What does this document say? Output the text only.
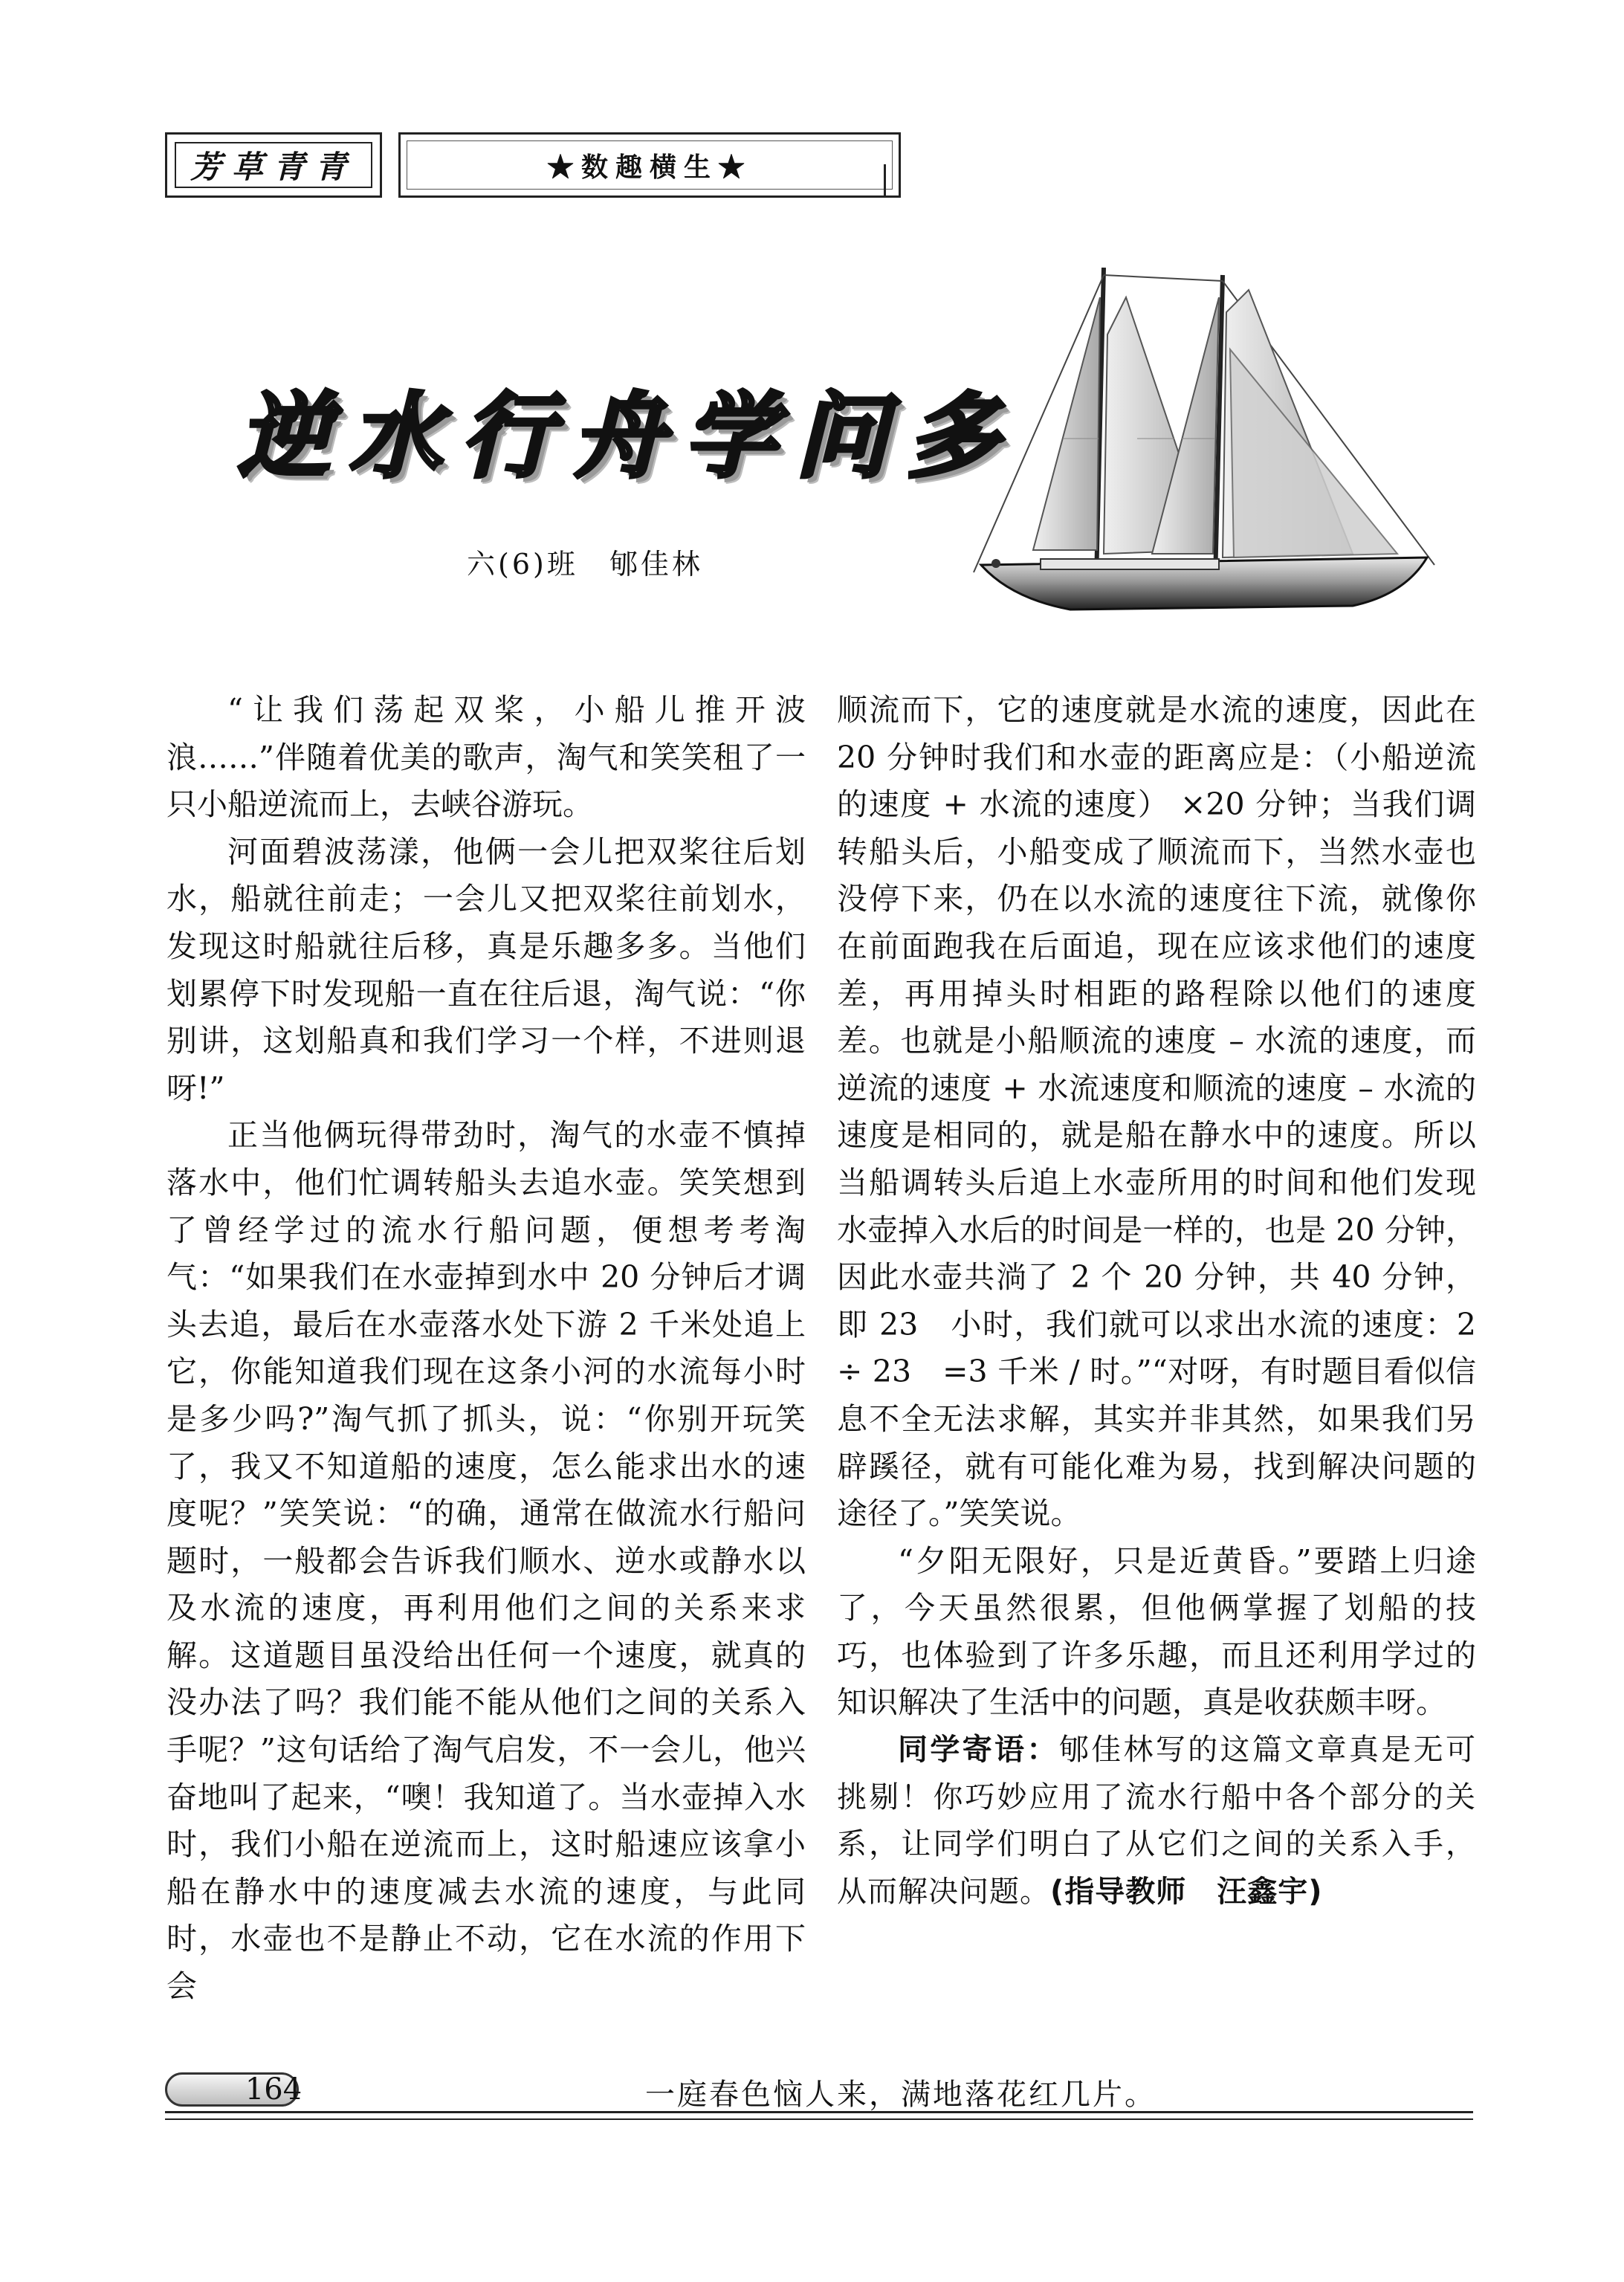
芳草青青	★数趣横生★
逆水行舟学问多
六(6)班　郇佳林

“让我们荡起双桨，小船儿推开波浪……”伴随着优美的歌声，淘气和笑笑租了一只小船逆流而上，去峡谷游玩。

河面碧波荡漾，他俩一会儿把双桨往后划水，船就往前走；一会儿又把双桨往前划水，发现这时船就往后移，真是乐趣多多。当他们划累停下时发现船一直在往后退，淘气说：“你别讲，这划船真和我们学习一个样，不进则退呀!”

正当他俩玩得带劲时，淘气的水壶不慎掉落水中，他们忙调转船头去追水壶。笑笑想到了曾经学过的流水行船问题，便想考考淘气：“如果我们在水壶掉到水中 20 分钟后才调头去追，最后在水壶落水处下游 2 千米处追上它，你能知道我们现在这条小河的水流每小时是多少吗?”淘气抓了抓头，说：“你别开玩笑了，我又不知道船的速度，怎么能求出水的速度呢？”笑笑说：“的确，通常在做流水行船问题时，一般都会告诉我们顺水、逆水或静水以及水流的速度，再利用他们之间的关系来求解。这道题目虽没给出任何一个速度，就真的没办法了吗？我们能不能从他们之间的关系入手呢？”这句话给了淘气启发，不一会儿，他兴奋地叫了起来，“噢！我知道了。当水壶掉入水时，我们小船在逆流而上，这时船速应该拿小船在静水中的速度减去水流的速度，与此同时，水壶也不是静止不动，它在水流的作用下会

顺流而下，它的速度就是水流的速度，因此在 20 分钟时我们和水壶的距离应是：（小船逆流的速度 + 水流的速度） ×20 分钟；当我们调转船头后，小船变成了顺流而下，当然水壶也没停下来，仍在以水流的速度往下流，就像你在前面跑我在后面追，现在应该求他们的速度差，再用掉头时相距的路程除以他们的速度差。也就是小船顺流的速度 – 水流的速度，而逆流的速度 + 水流速度和顺流的速度 – 水流的速度是相同的，就是船在静水中的速度。所以当船调转头后追上水壶所用的时间和他们发现水壶掉入水后的时间是一样的，也是 20 分钟，因此水壶共淌了 2 个 20 分钟，共 40 分钟，即 23　小时，我们就可以求出水流的速度：2 ÷ 23　=3 千米 / 时。”“对呀，有时题目看似信息不全无法求解，其实并非其然，如果我们另辟蹊径，就有可能化难为易，找到解决问题的途径了。”笑笑说。

“夕阳无限好，只是近黄昏。”要踏上归途了，今天虽然很累，但他俩掌握了划船的技巧，也体验到了许多乐趣，而且还利用学过的知识解决了生活中的问题，真是收获颇丰呀。

同学寄语：郇佳林写的这篇文章真是无可挑剔！你巧妙应用了流水行船中各个部分的关系，让同学们明白了从它们之间的关系入手，从而解决问题。(指导教师　汪鑫宇)

164	一庭春色恼人来，满地落花红几片。
